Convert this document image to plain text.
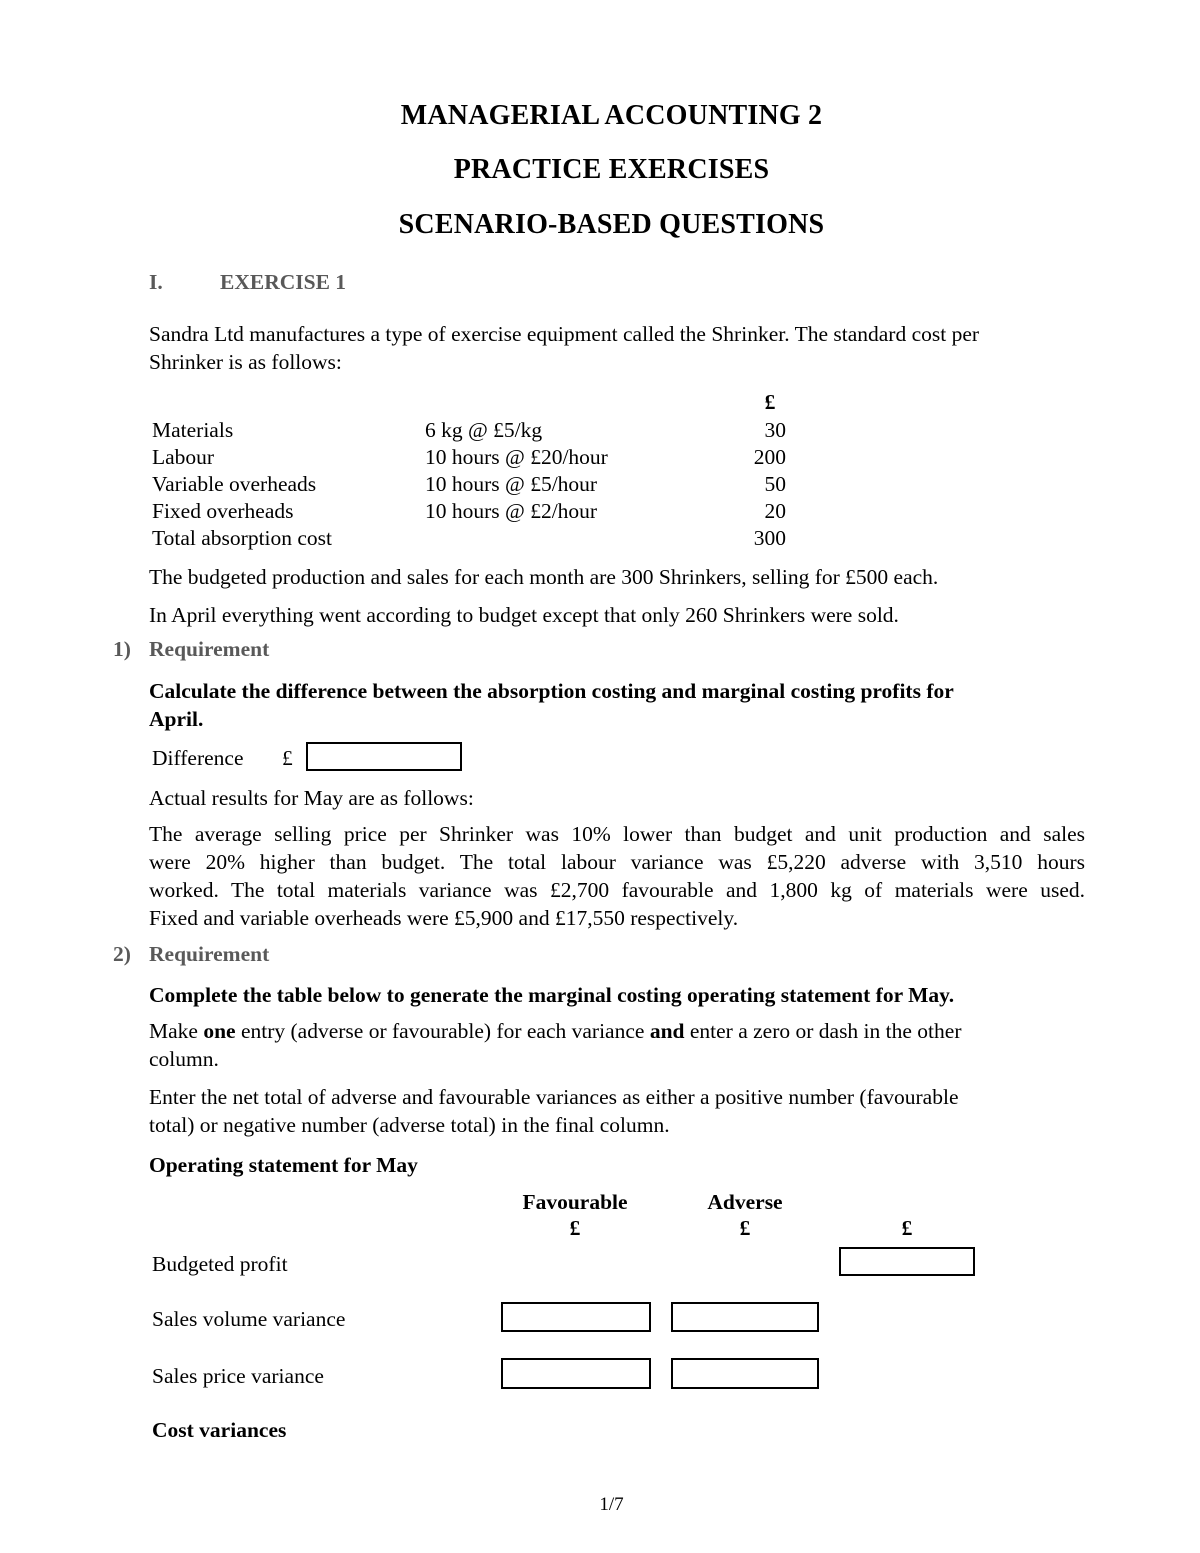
MANAGERIAL ACCOUNTING 2
PRACTICE EXERCISES
SCENARIO-BASED QUESTIONS
I.	EXERCISE 1
Sandra Ltd manufactures a type of exercise equipment called the Shrinker. The standard cost per
Shrinker is as follows:
£
Materials	6 kg @ £5/kg	30
Labour	10 hours @ £20/hour	200
Variable overheads	10 hours @ £5/hour	50
Fixed overheads	10 hours @ £2/hour	20
Total absorption cost	300
The budgeted production and sales for each month are 300 Shrinkers, selling for £500 each.
In April everything went according to budget except that only 260 Shrinkers were sold.
1) Requirement
Calculate the difference between the absorption costing and marginal costing profits for
April.
Difference £
Actual results for May are as follows:
The average selling price per Shrinker was 10% lower than budget and unit production and sales
were 20% higher than budget. The total labour variance was £5,220 adverse with 3,510 hours
worked. The total materials variance was £2,700 favourable and 1,800 kg of materials were used.
Fixed and variable overheads were £5,900 and £17,550 respectively.
2) Requirement
Complete the table below to generate the marginal costing operating statement for May.
Make one entry (adverse or favourable) for each variance and enter a zero or dash in the other
column.
Enter the net total of adverse and favourable variances as either a positive number (favourable
total) or negative number (adverse total) in the final column.
Operating statement for May
Favourable	Adverse
£	£	£
Budgeted profit
Sales volume variance
Sales price variance
Cost variances
1/7
